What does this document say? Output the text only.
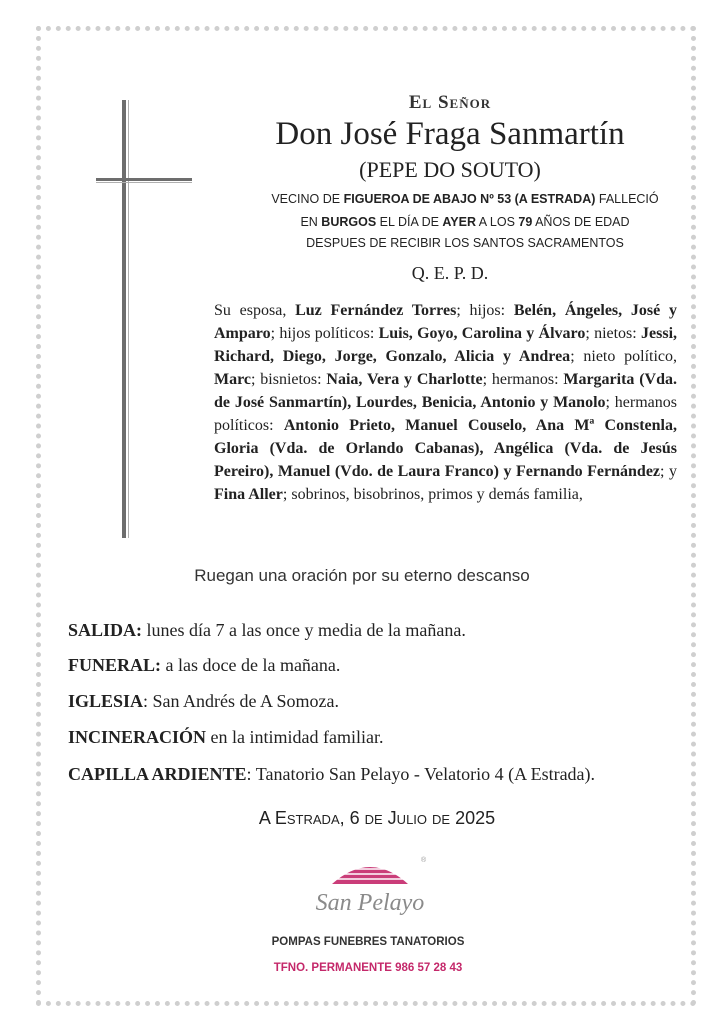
El Señor
Don José Fraga Sanmartín
(PEPE DO SOUTO)
VECINO DE FIGUEROA DE ABAJO Nº 53 (A ESTRADA) FALLECIÓ
EN BURGOS EL DÍA DE AYER A LOS 79 AÑOS DE EDAD
DESPUES DE RECIBIR LOS SANTOS SACRAMENTOS
Q. E. P. D.
Su esposa, Luz Fernández Torres; hijos: Belén, Ángeles, José y Amparo; hijos políticos: Luis, Goyo, Carolina y Álvaro; nietos: Jessi, Richard, Diego, Jorge, Gonzalo, Alicia y Andrea; nieto político, Marc; bisnietos: Naia, Vera y Charlotte; hermanos: Margarita (Vda. de José Sanmartín), Lourdes, Benicia, Antonio y Manolo; hermanos políticos: Antonio Prieto, Manuel Couselo, Ana Mª Constenla, Gloria (Vda. de Orlando Cabanas), Angélica (Vda. de Jesús Pereiro), Manuel (Vdo. de Laura Franco) y Fernando Fernández; y Fina Aller; sobrinos, bisobrinos, primos y demás familia,
Ruegan una oración por su eterno descanso
SALIDA: lunes día 7 a las once y media de la mañana.
FUNERAL: a las doce de la mañana.
IGLESIA: San Andrés de A Somoza.
INCINERACIÓN en la intimidad familiar.
CAPILLA ARDIENTE: Tanatorio San Pelayo - Velatorio 4 (A Estrada).
A Estrada, 6 de Julio de 2025
®
San Pelayo
POMPAS FUNEBRES TANATORIOS
TFNO. PERMANENTE 986 57 28 43
